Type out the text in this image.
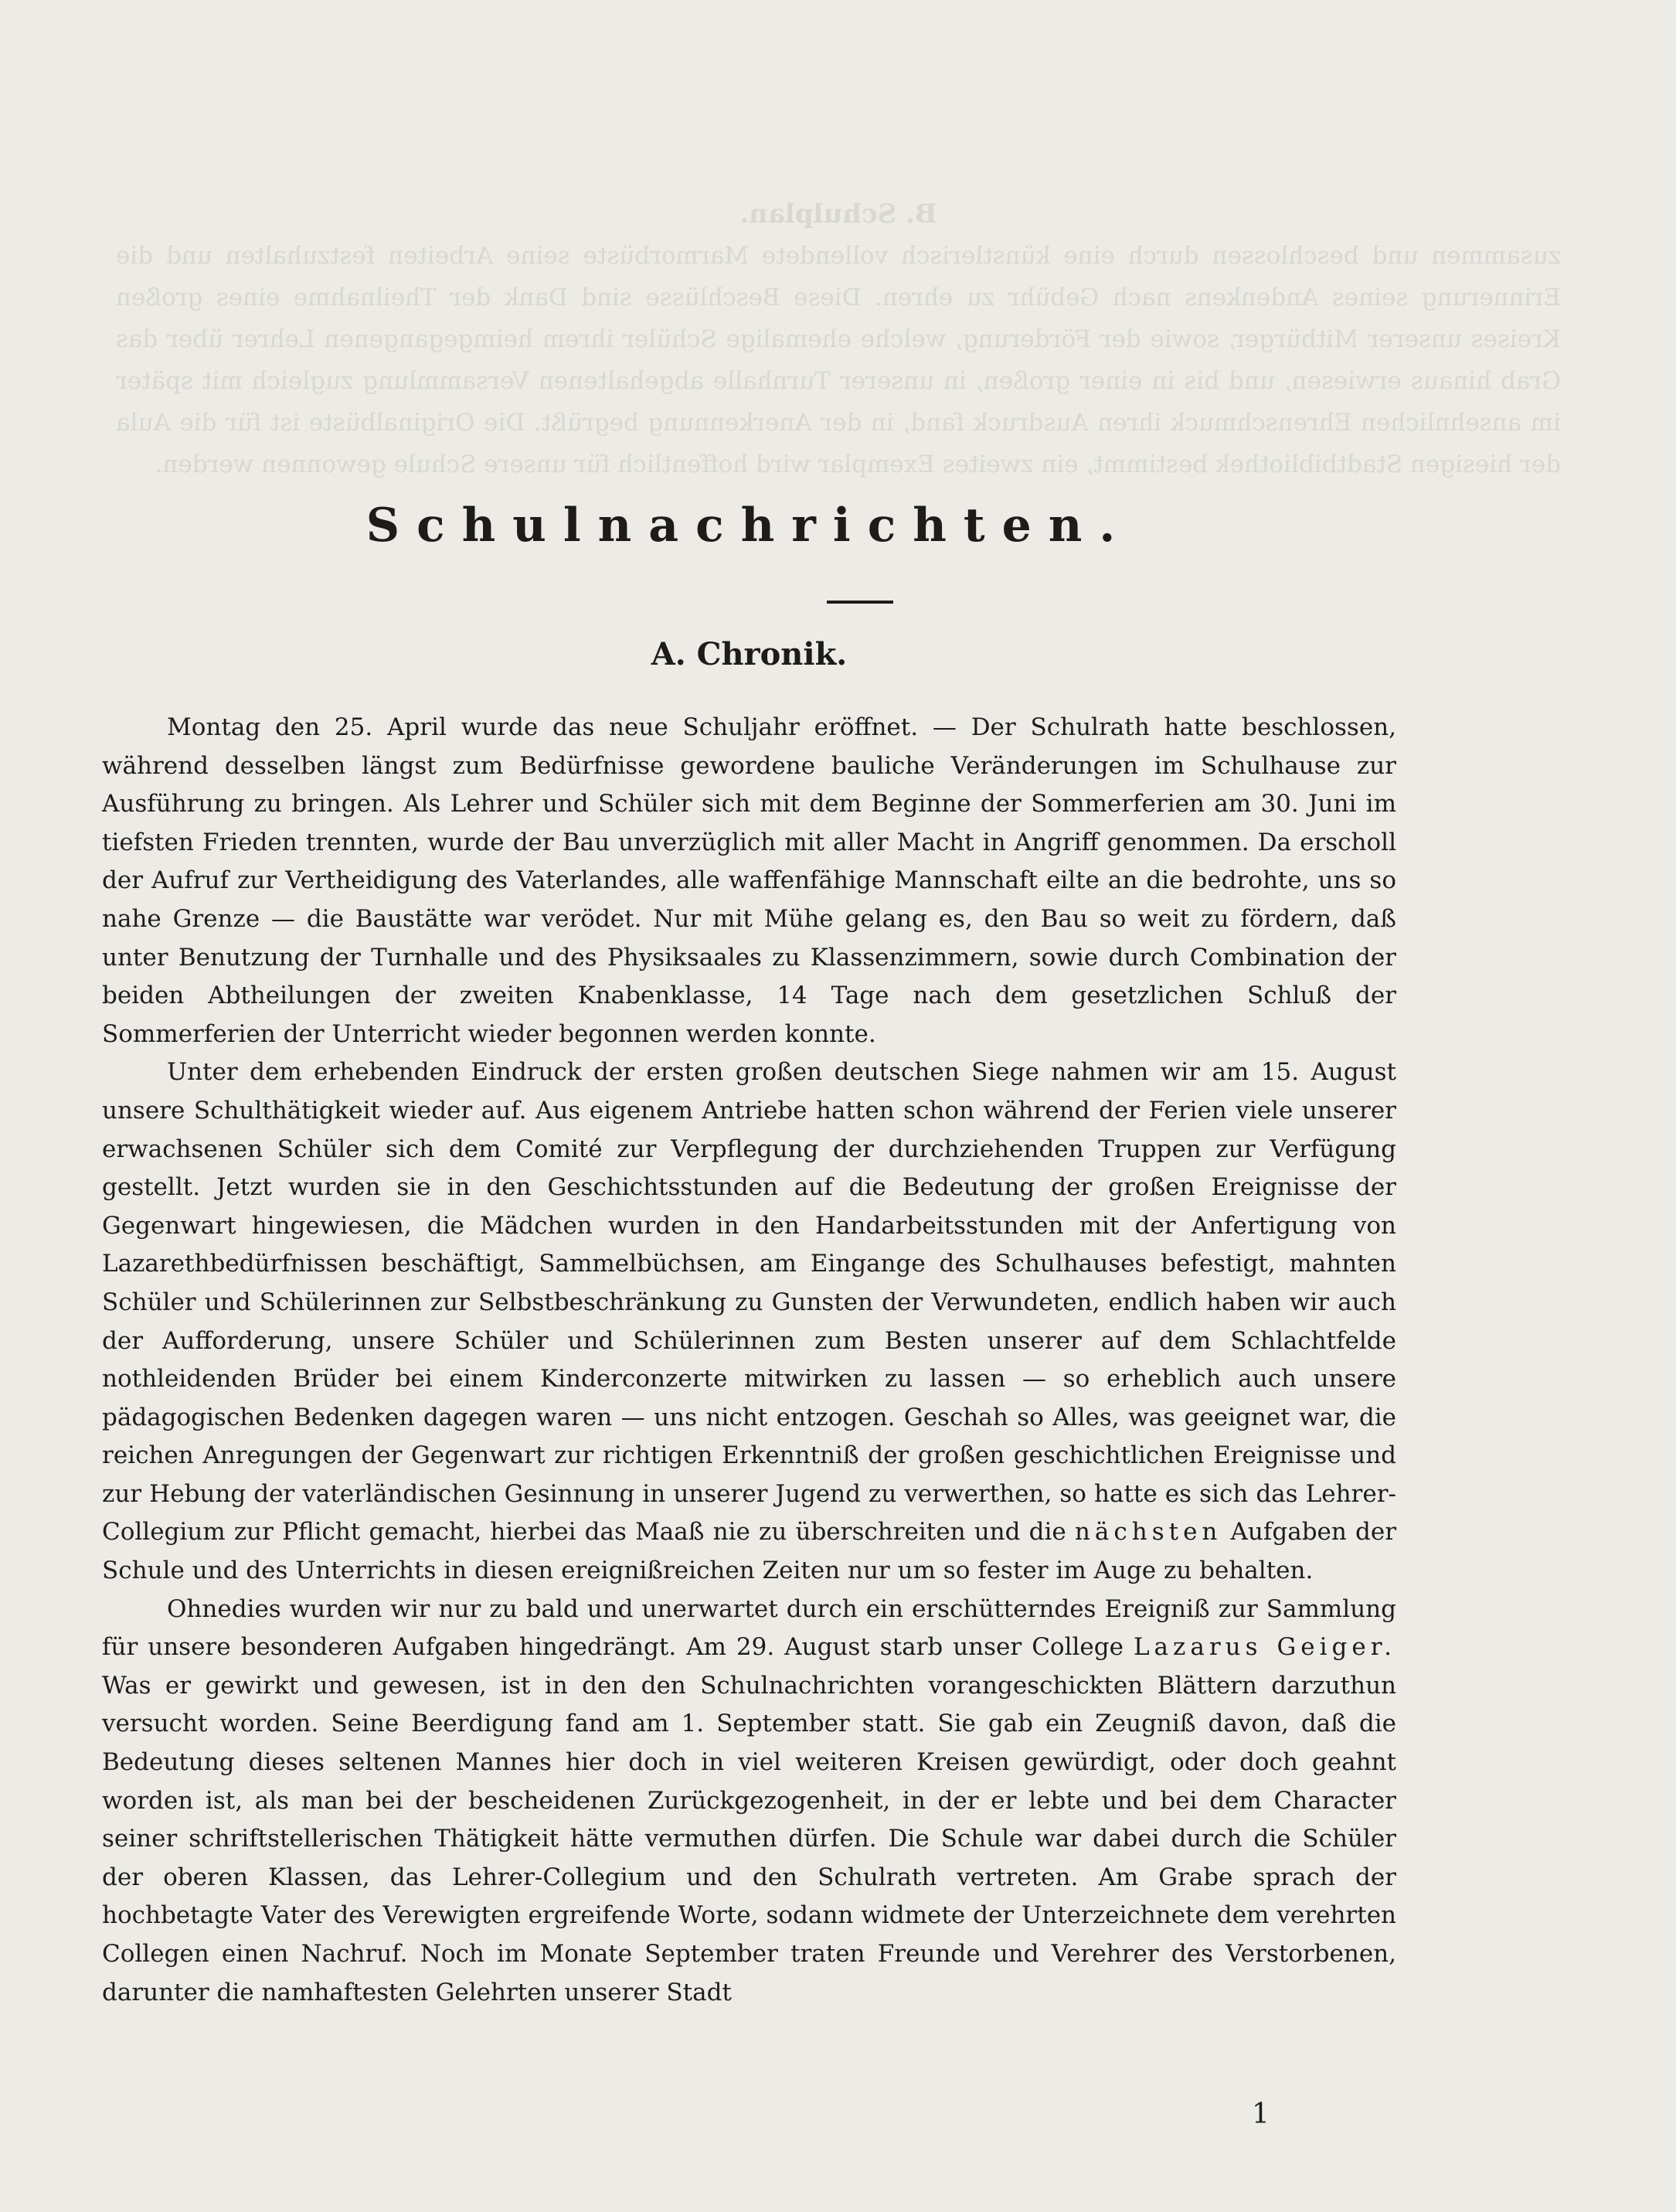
B. Schulplan.
zusammen und beschlossen durch eine künstlerisch vollendete Marmorbüste seine Arbeiten festzuhalten und die Erinnerung seines Andenkens nach Gebühr zu ehren. Diese Beschlüsse sind Dank der Theilnahme eines großen Kreises unserer Mitbürger, sowie der Förderung, welche ehemalige Schüler ihrem heimgegangenen Lehrer über das Grab hinaus erwiesen, und bis in einer großen, in unserer Turnhalle abgehaltenen Versammlung zugleich mit später im ansehnlichen Ehrenschmuck ihren Ausdruck fand, in der Anerkennung begrüßt. Die Originalbüste ist für die Aula der hiesigen Stadtbibliothek bestimmt, ein zweites Exemplar wird hoffentlich für unsere Schule gewonnen werden.
Schulnachrichten.
A. Chronik.

Montag den 25. April wurde das neue Schuljahr eröffnet. — Der Schulrath hatte beschlossen, während desselben längst zum Bedürfnisse gewordene bauliche Veränderungen im Schulhause zur Ausführung zu bringen. Als Lehrer und Schüler sich mit dem Beginne der Sommerferien am 30. Juni im tiefsten Frieden trennten, wurde der Bau unverzüglich mit aller Macht in Angriff genommen. Da erscholl der Aufruf zur Vertheidigung des Vaterlandes, alle waffenfähige Mannschaft eilte an die bedrohte, uns so nahe Grenze — die Baustätte war verödet. Nur mit Mühe gelang es, den Bau so weit zu fördern, daß unter Benutzung der Turnhalle und des Physiksaales zu Klassenzimmern, sowie durch Combination der beiden Abtheilungen der zweiten Knabenklasse, 14 Tage nach dem gesetzlichen Schluß der Sommerferien der Unterricht wieder begonnen werden konnte.

Unter dem erhebenden Eindruck der ersten großen deutschen Siege nahmen wir am 15. August unsere Schulthätigkeit wieder auf. Aus eigenem Antriebe hatten schon während der Ferien viele unserer erwachsenen Schüler sich dem Comité zur Verpflegung der durchziehenden Truppen zur Verfügung gestellt. Jetzt wurden sie in den Geschichtsstunden auf die Bedeutung der großen Ereignisse der Gegenwart hingewiesen, die Mädchen wurden in den Handarbeitsstunden mit der Anfertigung von Lazarethbedürfnissen beschäftigt, Sammelbüchsen, am Eingange des Schulhauses befestigt, mahnten Schüler und Schülerinnen zur Selbstbeschränkung zu Gunsten der Verwundeten, endlich haben wir auch der Aufforderung, unsere Schüler und Schülerinnen zum Besten unserer auf dem Schlachtfelde nothleidenden Brüder bei einem Kinderconzerte mitwirken zu lassen — so erheblich auch unsere pädagogischen Bedenken dagegen waren — uns nicht entzogen. Geschah so Alles, was geeignet war, die reichen Anregungen der Gegenwart zur richtigen Erkenntniß der großen geschichtlichen Ereignisse und zur Hebung der vaterländischen Gesinnung in unserer Jugend zu verwerthen, so hatte es sich das Lehrer-Collegium zur Pflicht gemacht, hierbei das Maaß nie zu überschreiten und die nächsten Aufgaben der Schule und des Unterrichts in diesen ereignißreichen Zeiten nur um so fester im Auge zu behalten.

Ohnedies wurden wir nur zu bald und unerwartet durch ein erschütterndes Ereigniß zur Sammlung für unsere besonderen Aufgaben hingedrängt. Am 29. August starb unser College Lazarus Geiger. Was er gewirkt und gewesen, ist in den den Schulnachrichten vorangeschickten Blättern darzuthun versucht worden. Seine Beerdigung fand am 1. September statt. Sie gab ein Zeugniß davon, daß die Bedeutung dieses seltenen Mannes hier doch in viel weiteren Kreisen gewürdigt, oder doch geahnt worden ist, als man bei der bescheidenen Zurückgezogenheit, in der er lebte und bei dem Character seiner schriftstellerischen Thätigkeit hätte vermuthen dürfen. Die Schule war dabei durch die Schüler der oberen Klassen, das Lehrer-Collegium und den Schulrath vertreten. Am Grabe sprach der hochbetagte Vater des Verewigten ergreifende Worte, sodann widmete der Unterzeichnete dem verehrten Collegen einen Nachruf. Noch im Monate September traten Freunde und Verehrer des Verstorbenen, darunter die namhaftesten Gelehrten unserer Stadt

1
